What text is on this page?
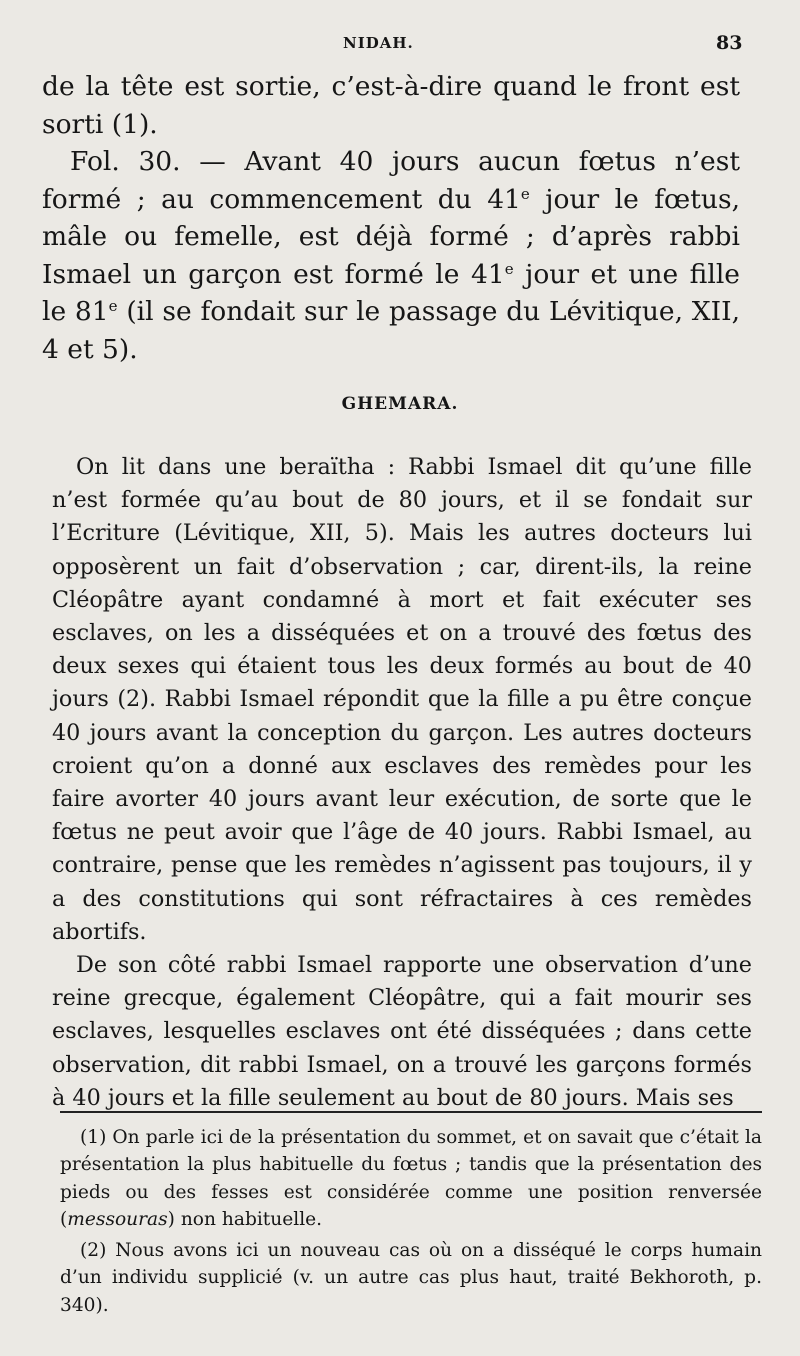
NIDAH.	83

de la tête est sortie, c’est-à-dire quand le front est sorti (1).

Fol. 30. — Avant 40 jours aucun fœtus n’est formé ; au commencement du 41e jour le fœtus, mâle ou femelle, est déjà formé ; d’après rabbi Ismael un garçon est formé le 41e jour et une fille le 81e (il se fondait sur le passage du Lévitique, XII, 4 et 5).

GHEMARA.

On lit dans une beraïtha : Rabbi Ismael dit qu’une fille n’est formée qu’au bout de 80 jours, et il se fondait sur l’Ecriture (Lévitique, XII, 5). Mais les autres docteurs lui opposèrent un fait d’observation ; car, dirent-ils, la reine Cléopâtre ayant condamné à mort et fait exécuter ses esclaves, on les a disséquées et on a trouvé des fœtus des deux sexes qui étaient tous les deux formés au bout de 40 jours (2). Rabbi Ismael répondit que la fille a pu être conçue 40 jours avant la conception du garçon. Les autres docteurs croient qu’on a donné aux esclaves des remèdes pour les faire avorter 40 jours avant leur exécution, de sorte que le fœtus ne peut avoir que l’âge de 40 jours. Rabbi Ismael, au contraire, pense que les remèdes n’agissent pas toujours, il y a des constitutions qui sont réfractaires à ces remèdes abortifs.

De son côté rabbi Ismael rapporte une observation d’une reine grecque, également Cléopâtre, qui a fait mourir ses esclaves, lesquelles esclaves ont été disséquées ; dans cette observation, dit rabbi Ismael, on a trouvé les garçons formés à 40 jours et la fille seulement au bout de 80 jours. Mais ses

(1) On parle ici de la présentation du sommet, et on savait que c’était la présentation la plus habituelle du fœtus ; tandis que la présentation des pieds ou des fesses est considérée comme une position renversée (messouras) non habituelle.

(2) Nous avons ici un nouveau cas où on a disséqué le corps humain d’un individu supplicié (v. un autre cas plus haut, traité Bekhoroth, p. 340).
